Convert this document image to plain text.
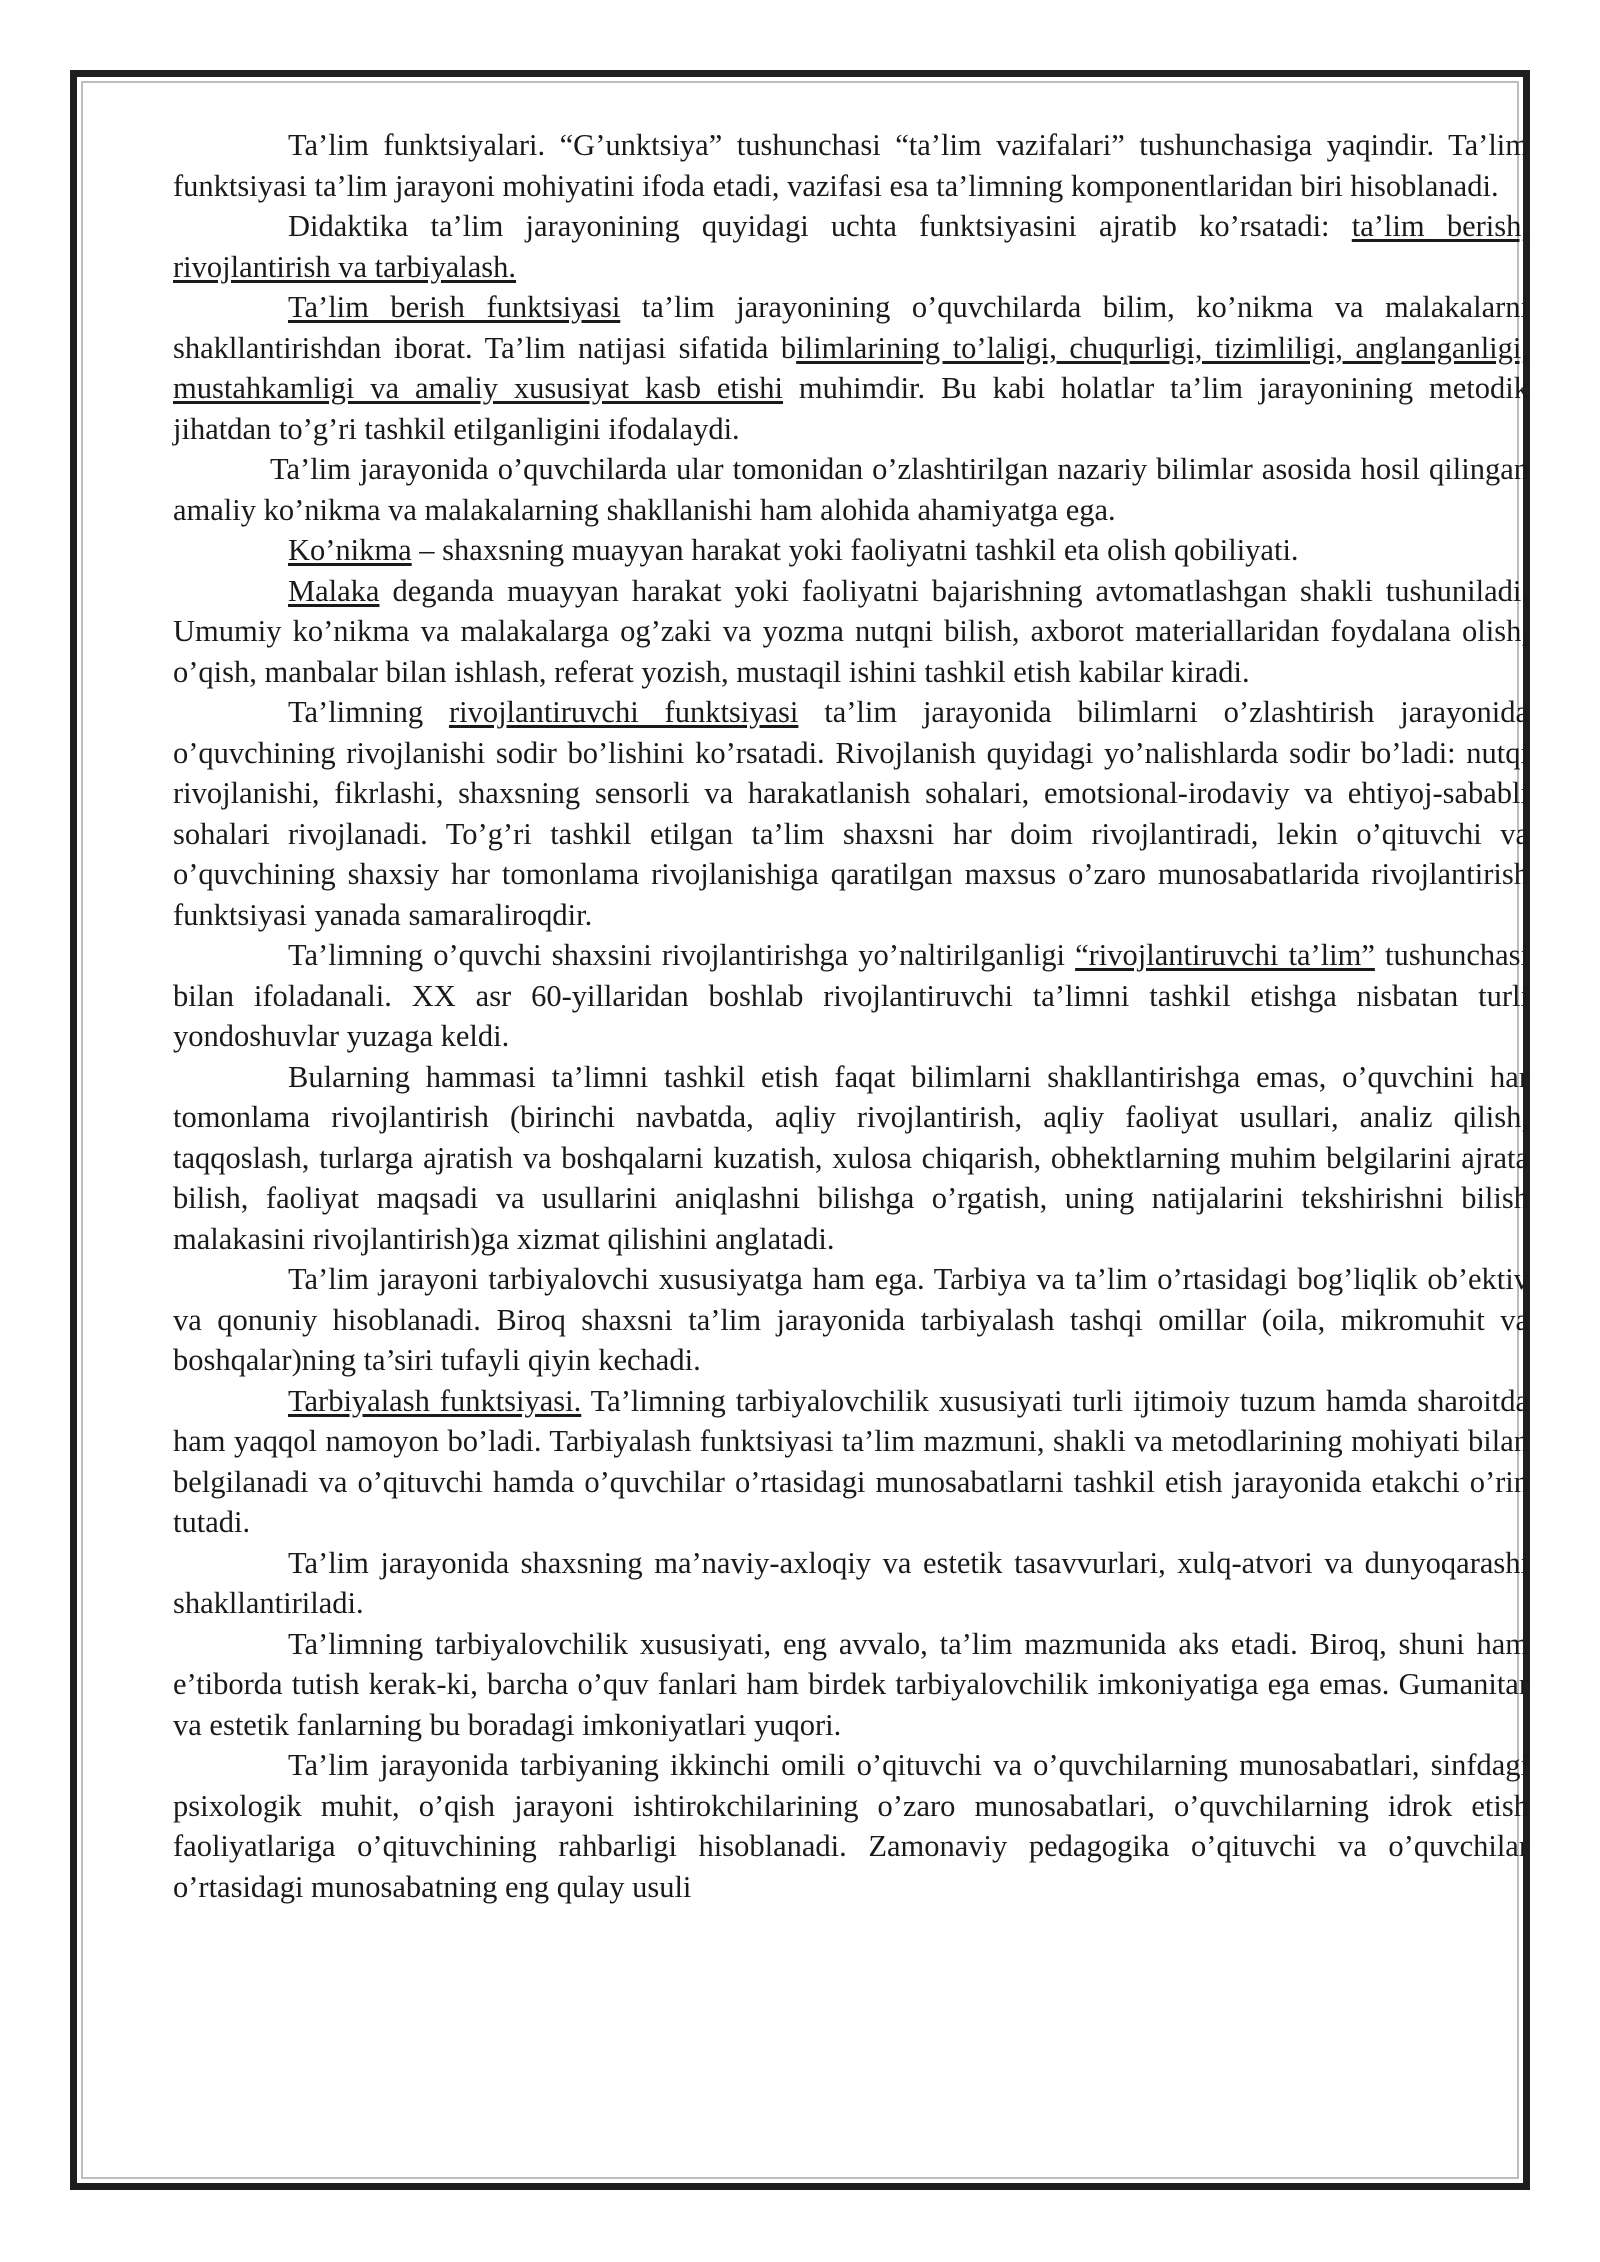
Ta’lim funktsiyalari. “G’unktsiya” tushunchasi “ta’lim vazifalari” tushunchasiga yaqindir. Ta’lim funktsiyasi ta’lim jarayoni mohiyatini ifoda etadi, vazifasi esa ta’limning komponentlaridan biri hisoblanadi.

Didaktika ta’lim jarayonining quyidagi uchta funktsiyasini ajratib ko’rsatadi: ta’lim berish, rivojlantirish va tarbiyalash.

Ta’lim berish funktsiyasi ta’lim jarayonining o’quvchilarda bilim, ko’nikma va malakalarni shakllantirishdan iborat. Ta’lim natijasi sifatida bilimlarining to’laligi, chuqurligi, tizimliligi, anglanganligi, mustahkamligi va amaliy xususiyat kasb etishi muhimdir. Bu kabi holatlar ta’lim jarayonining metodik jihatdan to’g’ri tashkil etilganligini ifodalaydi.

Ta’lim jarayonida o’quvchilarda ular tomonidan o’zlashtirilgan nazariy bilimlar asosida hosil qilingan amaliy ko’nikma va malakalarning shakllanishi ham alohida ahamiyatga ega.

Ko’nikma – shaxsning muayyan harakat yoki faoliyatni tashkil eta olish qobiliyati.

Malaka deganda muayyan harakat yoki faoliyatni bajarishning avtomatlashgan shakli tushuniladi. Umumiy ko’nikma va malakalarga og’zaki va yozma nutqni bilish, axborot materiallaridan foydalana olish, o’qish, manbalar bilan ishlash, referat yozish, mustaqil ishini tashkil etish kabilar kiradi.

Ta’limning rivojlantiruvchi funktsiyasi ta’lim jarayonida bilimlarni o’zlashtirish jarayonida o’quvchining rivojlanishi sodir bo’lishini ko’rsatadi. Rivojlanish quyidagi yo’nalishlarda sodir bo’ladi: nutqi rivojlanishi, fikrlashi, shaxsning sensorli va harakatlanish sohalari, emotsional-irodaviy va ehtiyoj-sababli sohalari rivojlanadi. To’g’ri tashkil etilgan ta’lim shaxsni har doim rivojlantiradi, lekin o’qituvchi va o’quvchining shaxsiy har tomonlama rivojlanishiga qaratilgan maxsus o’zaro munosabatlarida rivojlantirish funktsiyasi yanada samaraliroqdir.

Ta’limning o’quvchi shaxsini rivojlantirishga yo’naltirilganligi “rivojlantiruvchi ta’lim” tushunchasi bilan ifoladanali. XX asr 60-yillaridan boshlab rivojlantiruvchi ta’limni tashkil etishga nisbatan turli yondoshuvlar yuzaga keldi.

Bularning hammasi ta’limni tashkil etish faqat bilimlarni shakllantirishga emas, o’quvchini har tomonlama rivojlantirish (birinchi navbatda, aqliy rivojlantirish, aqliy faoliyat usullari, analiz qilish, taqqoslash, turlarga ajratish va boshqalarni kuzatish, xulosa chiqarish, obhektlarning muhim belgilarini ajrata bilish, faoliyat maqsadi va usullarini aniqlashni bilishga o’rgatish, uning natijalarini tekshirishni bilish malakasini rivojlantirish)ga xizmat qilishini anglatadi.

Ta’lim jarayoni tarbiyalovchi xususiyatga ham ega. Tarbiya va ta’lim o’rtasidagi bog’liqlik ob’ektiv va qonuniy hisoblanadi. Biroq shaxsni ta’lim jarayonida tarbiyalash tashqi omillar (oila, mikromuhit va boshqalar)ning ta’siri tufayli qiyin kechadi.

Tarbiyalash funktsiyasi. Ta’limning tarbiyalovchilik xususiyati turli ijtimoiy tuzum hamda sharoitda ham yaqqol namoyon bo’ladi. Tarbiyalash funktsiyasi ta’lim mazmuni, shakli va metodlarining mohiyati bilan belgilanadi va o’qituvchi hamda o’quvchilar o’rtasidagi munosabatlarni tashkil etish jarayonida etakchi o’rin tutadi.

Ta’lim jarayonida shaxsning ma’naviy-axloqiy va estetik tasavvurlari, xulq-atvori va dunyoqarashi shakllantiriladi.

Ta’limning tarbiyalovchilik xususiyati, eng avvalo, ta’lim mazmunida aks etadi. Biroq, shuni ham e’tiborda tutish kerak-ki, barcha o’quv fanlari ham birdek tarbiyalovchilik imkoniyatiga ega emas. Gumanitar va estetik fanlarning bu boradagi imkoniyatlari yuqori.

Ta’lim jarayonida tarbiyaning ikkinchi omili o’qituvchi va o’quvchilarning munosabatlari, sinfdagi psixologik muhit, o’qish jarayoni ishtirokchilarining o’zaro munosabatlari, o’quvchilarning idrok etish faoliyatlariga o’qituvchining rahbarligi hisoblanadi. Zamonaviy pedagogika o’qituvchi va o’quvchilar o’rtasidagi munosabatning eng qulay usuli
